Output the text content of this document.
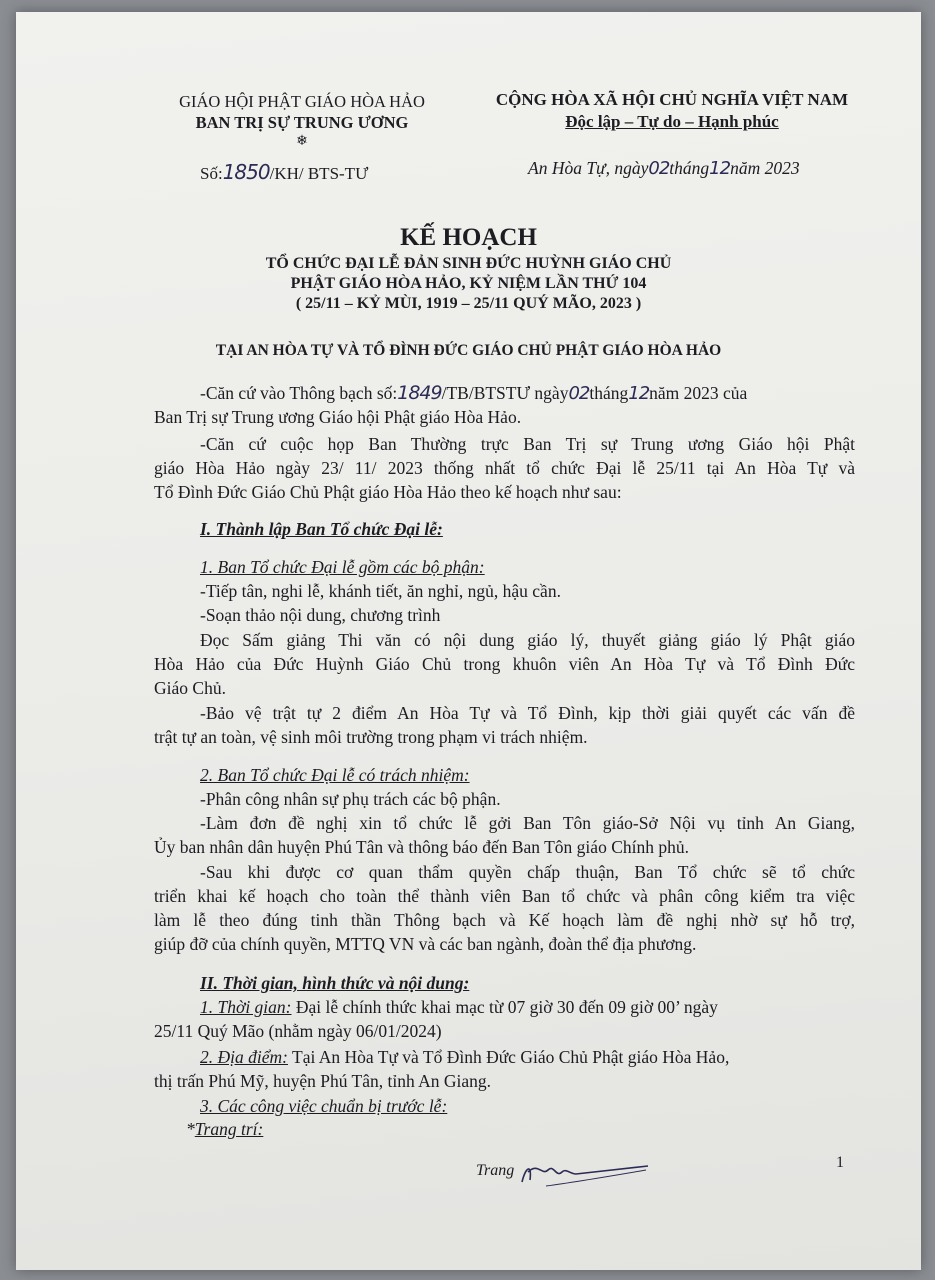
GIÁO HỘI PHẬT GIÁO HÒA HẢO
BAN TRỊ SỰ TRUNG ƯƠNG
❄
Số:1850/KH/ BTS-TƯ
CỘNG HÒA XÃ HỘI CHỦ NGHĨA VIỆT NAM
Độc lập – Tự do – Hạnh phúc
An Hòa Tự, ngày02tháng12năm 2023
KẾ HOẠCH
TỔ CHỨC ĐẠI LỄ ĐẢN SINH ĐỨC HUỲNH GIÁO CHỦ
PHẬT GIÁO HÒA HẢO, KỶ NIỆM LẦN THỨ 104
( 25/11 – KỶ MÙI, 1919 – 25/11 QUÝ MÃO, 2023 )
TẠI AN HÒA TỰ VÀ TỔ ĐÌNH ĐỨC GIÁO CHỦ PHẬT GIÁO HÒA HẢO
-Căn cứ vào Thông bạch số:1849/TB/BTSTƯ ngày02tháng12năm 2023 của
Ban Trị sự Trung ương Giáo hội Phật giáo Hòa Hảo.
-Căn cứ cuộc họp Ban Thường trực Ban Trị sự Trung ương Giáo hội Phật
giáo Hòa Hảo ngày 23/ 11/ 2023 thống nhất tổ chức Đại lễ 25/11 tại An Hòa Tự và
Tổ Đình Đức Giáo Chủ Phật giáo Hòa Hảo theo kế hoạch như sau:
I. Thành lập Ban Tổ chức Đại lễ:
1. Ban Tổ chức Đại lễ gồm các bộ phận:
-Tiếp tân, nghi lễ, khánh tiết, ăn nghỉ, ngủ, hậu cần.
-Soạn thảo nội dung, chương trình
Đọc Sấm giảng Thi văn có nội dung giáo lý, thuyết giảng giáo lý Phật giáo
Hòa Hảo của Đức Huỳnh Giáo Chủ trong khuôn viên An Hòa Tự và Tổ Đình Đức
Giáo Chủ.
-Bảo vệ trật tự 2 điểm An Hòa Tự và Tổ Đình, kịp thời giải quyết các vấn đề
trật tự an toàn, vệ sinh môi trường trong phạm vi trách nhiệm.
2. Ban Tổ chức Đại lễ có trách nhiệm:
-Phân công nhân sự phụ trách các bộ phận.
-Làm đơn đề nghị xin tổ chức lễ gởi Ban Tôn giáo-Sở Nội vụ tỉnh An Giang,
Ủy ban nhân dân huyện Phú Tân và thông báo đến Ban Tôn giáo Chính phủ.
-Sau khi được cơ quan thẩm quyền chấp thuận, Ban Tổ chức sẽ tổ chức
triển khai kế hoạch cho toàn thể thành viên Ban tổ chức và phân công kiểm tra việc
làm lễ theo đúng tinh thần Thông bạch và Kế hoạch làm đề nghị nhờ sự hỗ trợ,
giúp đỡ của chính quyền, MTTQ VN và các ban ngành, đoàn thể địa phương.
II. Thời gian, hình thức và nội dung:
1. Thời gian: Đại lễ chính thức khai mạc từ 07 giờ 30 đến 09 giờ 00’ ngày
25/11 Quý Mão (nhằm ngày 06/01/2024)
2. Địa điểm: Tại An Hòa Tự và Tổ Đình Đức Giáo Chủ Phật giáo Hòa Hảo,
thị trấn Phú Mỹ, huyện Phú Tân, tỉnh An Giang.
3. Các công việc chuẩn bị trước lễ:
*Trang trí:
Trang	1
